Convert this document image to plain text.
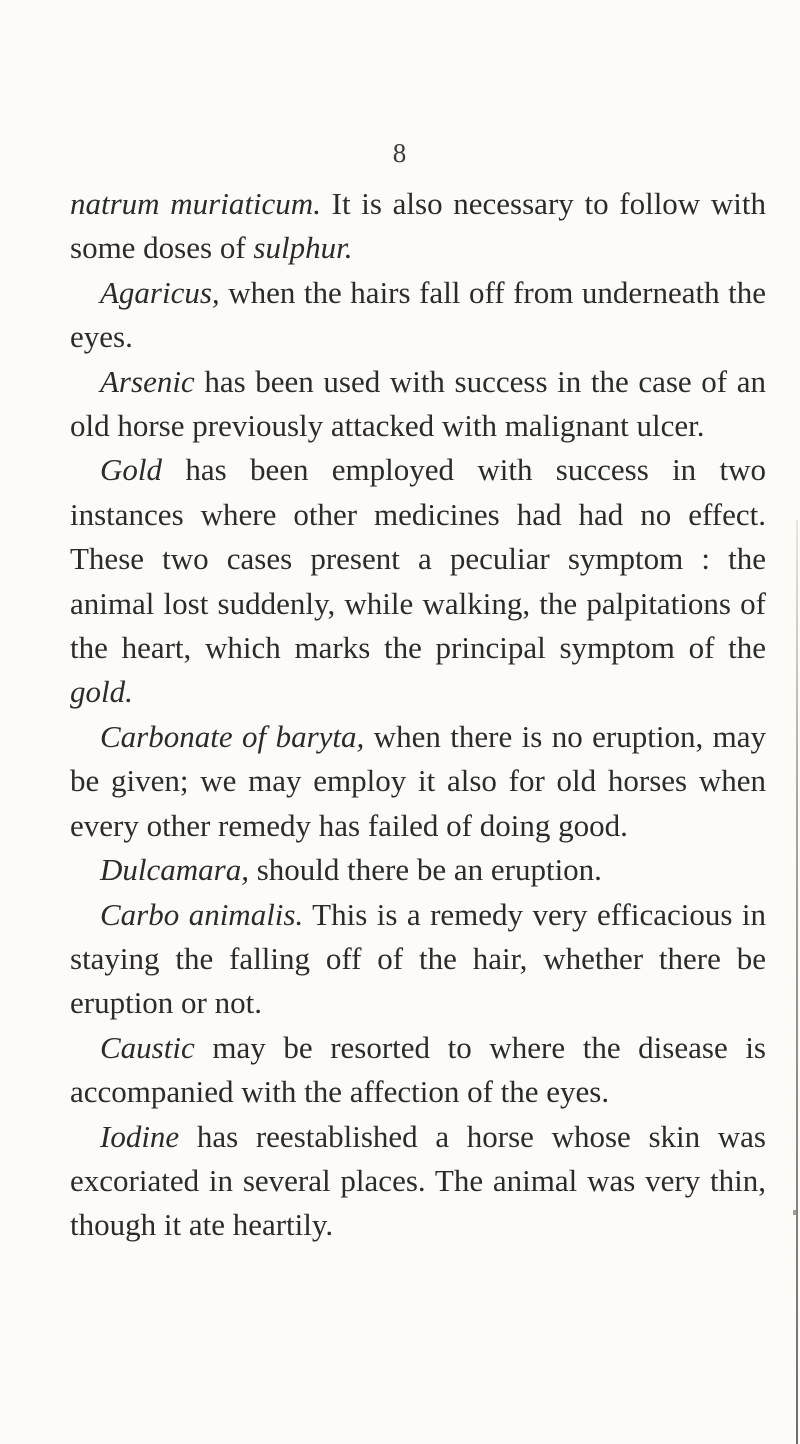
8

natrum muriaticum. It is also necessary to follow with some doses of sulphur.

Agaricus, when the hairs fall off from underneath the eyes.

Arsenic has been used with success in the case of an old horse previously attacked with malignant ulcer.

Gold has been employed with success in two instances where other medicines had had no effect. These two cases present a peculiar symptom : the animal lost suddenly, while walking, the palpitations of the heart, which marks the principal symptom of the gold.

Carbonate of baryta, when there is no eruption, may be given; we may employ it also for old horses when every other remedy has failed of doing good.

Dulcamara, should there be an eruption.

Carbo animalis. This is a remedy very efficacious in staying the falling off of the hair, whether there be eruption or not.

Caustic may be resorted to where the disease is accompanied with the affection of the eyes.

Iodine has reestablished a horse whose skin was excoriated in several places. The animal was very thin, though it ate heartily.
